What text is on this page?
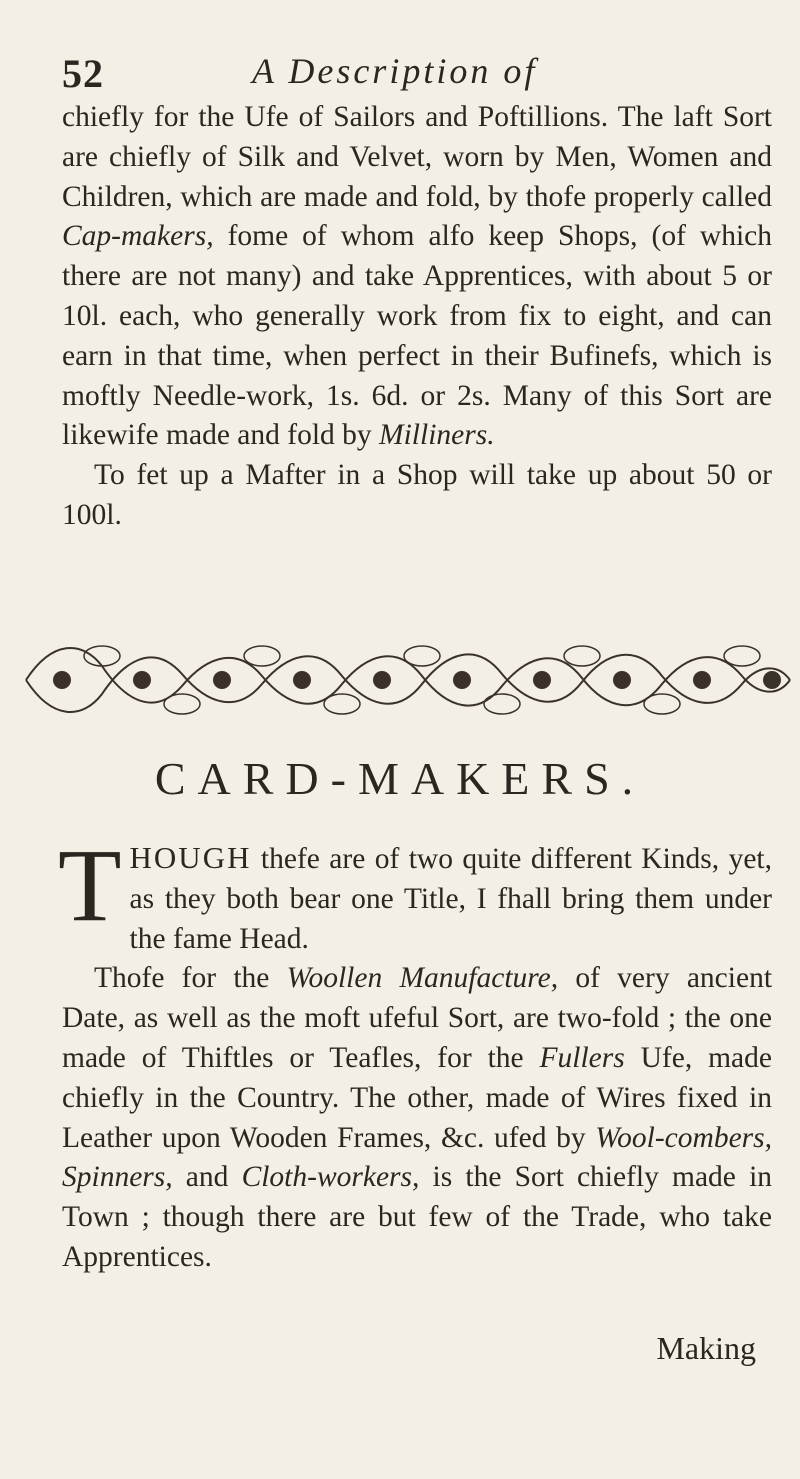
52	A Description of

chiefly for the Ufe of Sailors and Poftillions. The laft Sort are chiefly of Silk and Velvet, worn by Men, Women and Children, which are made and fold, by thofe properly called Cap-makers, fome of whom alfo keep Shops, (of which there are not many) and take Apprentices, with about 5 or 10l. each, who generally work from fix to eight, and can earn in that time, when perfect in their Bufinefs, which is moftly Needle-work, 1s. 6d. or 2s. Many of this Sort are likewife made and fold by Milliners.

To fet up a Mafter in a Shop will take up about 50 or 100l.

CARD-MAKERS.

THOUGH thefe are of two quite different Kinds, yet, as they both bear one Title, I fhall bring them under the fame Head.

Thofe for the Woollen Manufacture, of very ancient Date, as well as the moft ufeful Sort, are two-fold ; the one made of Thiftles or Teafles, for the Fullers Ufe, made chiefly in the Country. The other, made of Wires fixed in Leather upon Wooden Frames, &c. ufed by Wool-combers, Spinners, and Cloth-workers, is the Sort chiefly made in Town ; though there are but few of the Trade, who take Apprentices.

Making
